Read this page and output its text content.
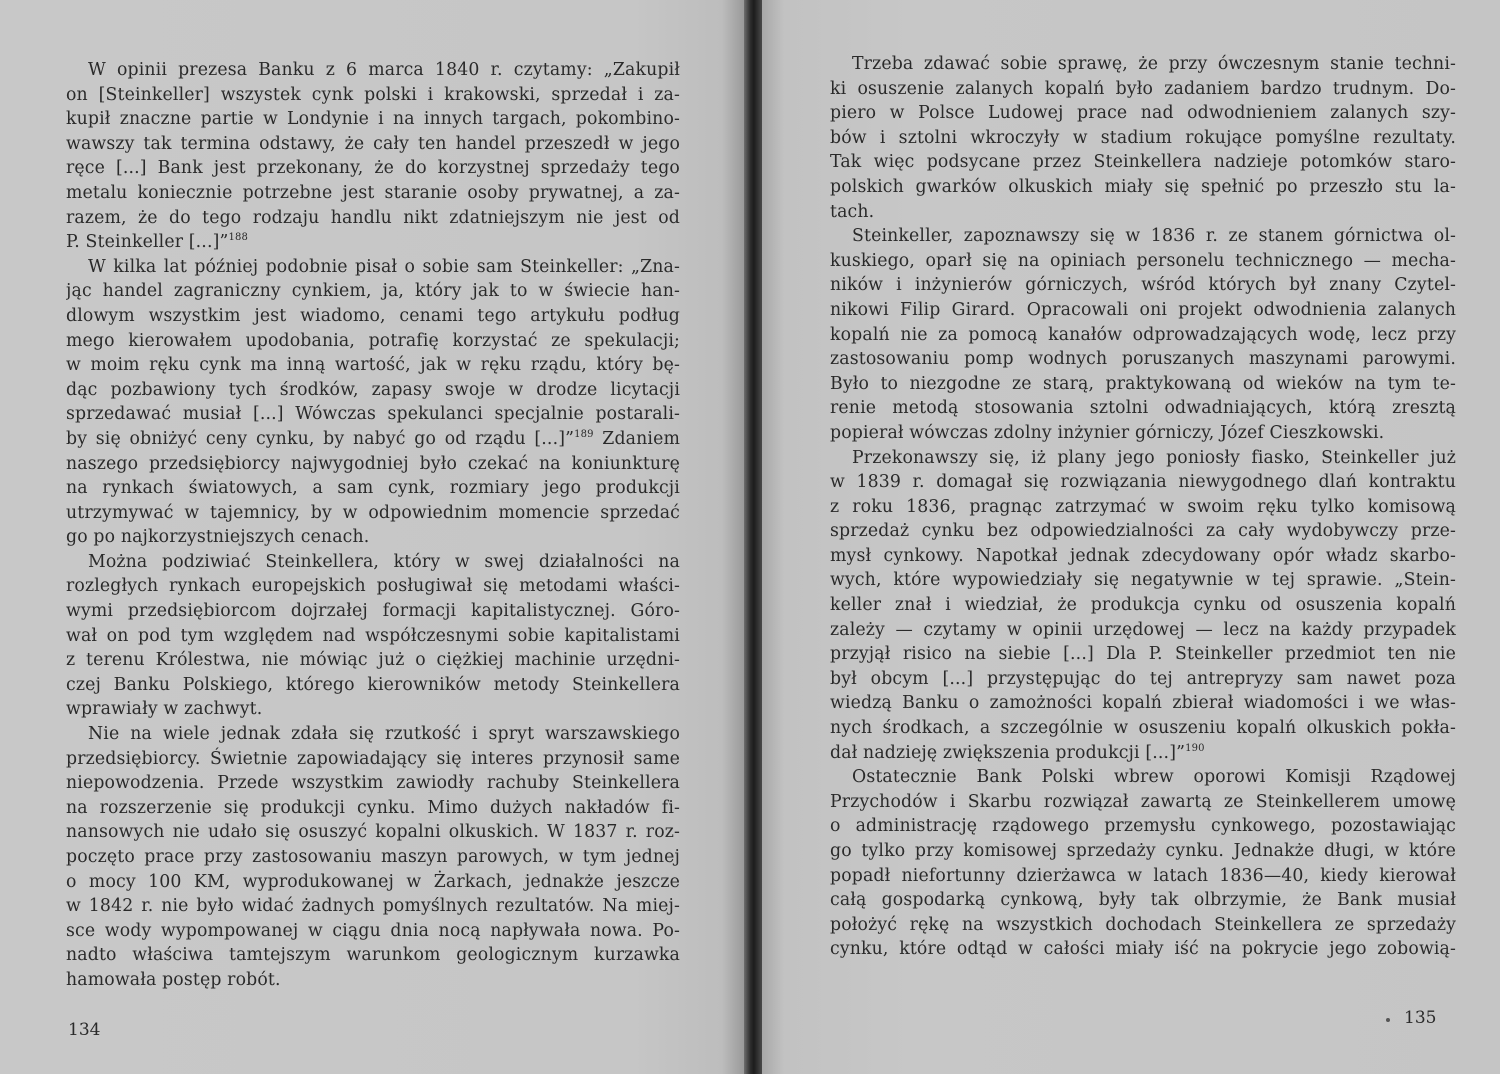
W opinii prezesa Banku z 6 marca 1840 r. czytamy: „Zakupił
on [Steinkeller] wszystek cynk polski i krakowski, sprzedał i za-
kupił znaczne partie w Londynie i na innych targach, pokombino-
wawszy tak termina odstawy, że cały ten handel przeszedł w jego
ręce [...] Bank jest przekonany, że do korzystnej sprzedaży tego
metalu koniecznie potrzebne jest staranie osoby prywatnej, a za-
razem, że do tego rodzaju handlu nikt zdatniejszym nie jest od
P. Steinkeller [...]”$^{188}$
W kilka lat później podobnie pisał o sobie sam Steinkeller: „Zna-
jąc handel zagraniczny cynkiem, ja, który jak to w świecie han-
dlowym wszystkim jest wiadomo, cenami tego artykułu podług
mego kierowałem upodobania, potrafię korzystać ze spekulacji;
w moim ręku cynk ma inną wartość, jak w ręku rządu, który bę-
dąc pozbawiony tych środków, zapasy swoje w drodze licytacji
sprzedawać musiał [...] Wówczas spekulanci specjalnie postarali-
by się obniżyć ceny cynku, by nabyć go od rządu [...]”$^{189}$ Zdaniem
naszego przedsiębiorcy najwygodniej było czekać na koniunkturę
na rynkach światowych, a sam cynk, rozmiary jego produkcji
utrzymywać w tajemnicy, by w odpowiednim momencie sprzedać
go po najkorzystniejszych cenach.
Można podziwiać Steinkellera, który w swej działalności na
rozległych rynkach europejskich posługiwał się metodami właści-
wymi przedsiębiorcom dojrzałej formacji kapitalistycznej. Góro-
wał on pod tym względem nad współczesnymi sobie kapitalistami
z terenu Królestwa, nie mówiąc już o ciężkiej machinie urzędni-
czej Banku Polskiego, którego kierowników metody Steinkellera
wprawiały w zachwyt.
Nie na wiele jednak zdała się rzutkość i spryt warszawskiego
przedsiębiorcy. Świetnie zapowiadający się interes przynosił same
niepowodzenia. Przede wszystkim zawiodły rachuby Steinkellera
na rozszerzenie się produkcji cynku. Mimo dużych nakładów fi-
nansowych nie udało się osuszyć kopalni olkuskich. W 1837 r. roz-
poczęto prace przy zastosowaniu maszyn parowych, w tym jednej
o mocy 100 KM, wyprodukowanej w Żarkach, jednakże jeszcze
w 1842 r. nie było widać żadnych pomyślnych rezultatów. Na miej-
sce wody wypompowanej w ciągu dnia nocą napływała nowa. Po-
nadto właściwa tamtejszym warunkom geologicznym kurzawka
hamowała postęp robót.
134
Trzeba zdawać sobie sprawę, że przy ówczesnym stanie techni-
ki osuszenie zalanych kopalń było zadaniem bardzo trudnym. Do-
piero w Polsce Ludowej prace nad odwodnieniem zalanych szy-
bów i sztolni wkroczyły w stadium rokujące pomyślne rezultaty.
Tak więc podsycane przez Steinkellera nadzieje potomków staro-
polskich gwarków olkuskich miały się spełnić po przeszło stu la-
tach.
Steinkeller, zapoznawszy się w 1836 r. ze stanem górnictwa ol-
kuskiego, oparł się na opiniach personelu technicznego — mecha-
ników i inżynierów górniczych, wśród których był znany Czytel-
nikowi Filip Girard. Opracowali oni projekt odwodnienia zalanych
kopalń nie za pomocą kanałów odprowadzających wodę, lecz przy
zastosowaniu pomp wodnych poruszanych maszynami parowymi.
Było to niezgodne ze starą, praktykowaną od wieków na tym te-
renie metodą stosowania sztolni odwadniających, którą zresztą
popierał wówczas zdolny inżynier górniczy, Józef Cieszkowski.
Przekonawszy się, iż plany jego poniosły fiasko, Steinkeller już
w 1839 r. domagał się rozwiązania niewygodnego dlań kontraktu
z roku 1836, pragnąc zatrzymać w swoim ręku tylko komisową
sprzedaż cynku bez odpowiedzialności za cały wydobywczy prze-
mysł cynkowy. Napotkał jednak zdecydowany opór władz skarbo-
wych, które wypowiedziały się negatywnie w tej sprawie. „Stein-
keller znał i wiedział, że produkcja cynku od osuszenia kopalń
zależy — czytamy w opinii urzędowej — lecz na każdy przypadek
przyjął risico na siebie [...] Dla P. Steinkeller przedmiot ten nie
był obcym [...] przystępując do tej antrepryzy sam nawet poza
wiedzą Banku o zamożności kopalń zbierał wiadomości i we włas-
nych środkach, a szczególnie w osuszeniu kopalń olkuskich pokła-
dał nadzieję zwiększenia produkcji [...]”$^{190}$
Ostatecznie Bank Polski wbrew oporowi Komisji Rządowej
Przychodów i Skarbu rozwiązał zawartą ze Steinkellerem umowę
o administrację rządowego przemysłu cynkowego, pozostawiając
go tylko przy komisowej sprzedaży cynku. Jednakże długi, w które
popadł niefortunny dzierżawca w latach 1836—40, kiedy kierował
całą gospodarką cynkową, były tak olbrzymie, że Bank musiał
położyć rękę na wszystkich dochodach Steinkellera ze sprzedaży
cynku, które odtąd w całości miały iść na pokrycie jego zobowią-
135
